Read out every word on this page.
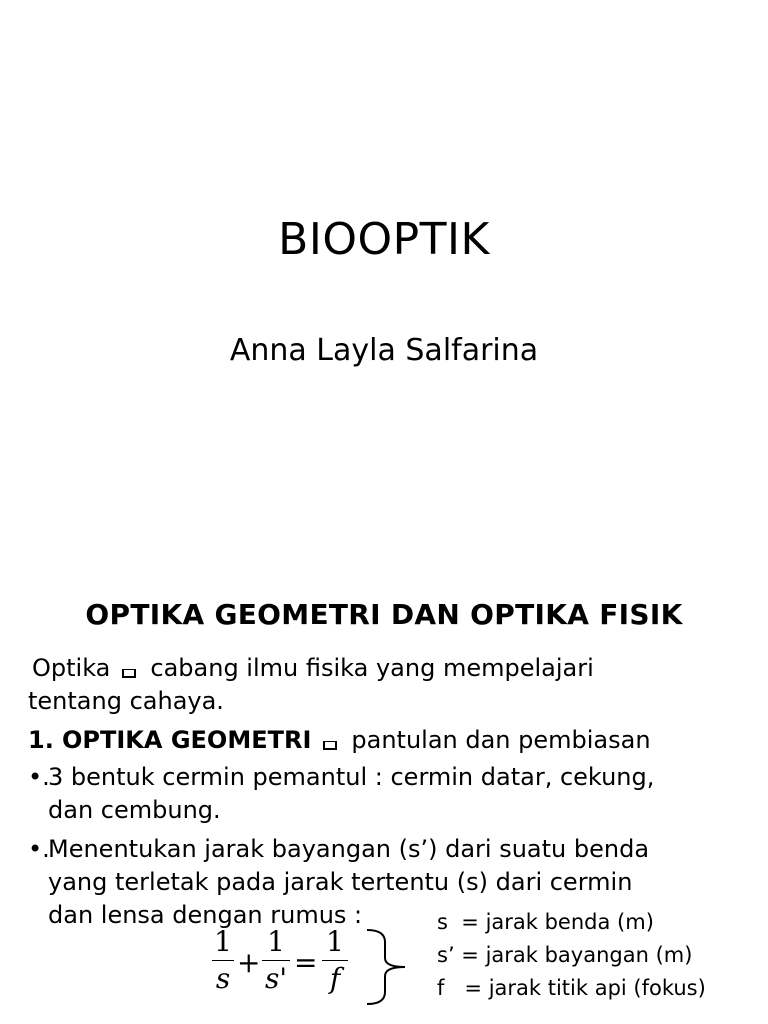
BIOOPTIK
Anna Layla Salfarina
OPTIKA GEOMETRI DAN OPTIKA FISIK
Optika cabang ilmu fisika yang mempelajari
tentang cahaya.
1. OPTIKA GEOMETRI pantulan dan pembiasan
•.
3 bentuk cermin pemantul : cermin datar, cekung,
dan cembung.
•.
Menentukan jarak bayangan (s’) dari suatu benda
yang terletak pada jarak tertentu (s) dari cermin
dan lensa dengan rumus :
1
s +
1
s' =
1
f
s  = jarak benda (m)
s’ = jarak bayangan (m)
f   = jarak titik api (fokus)
